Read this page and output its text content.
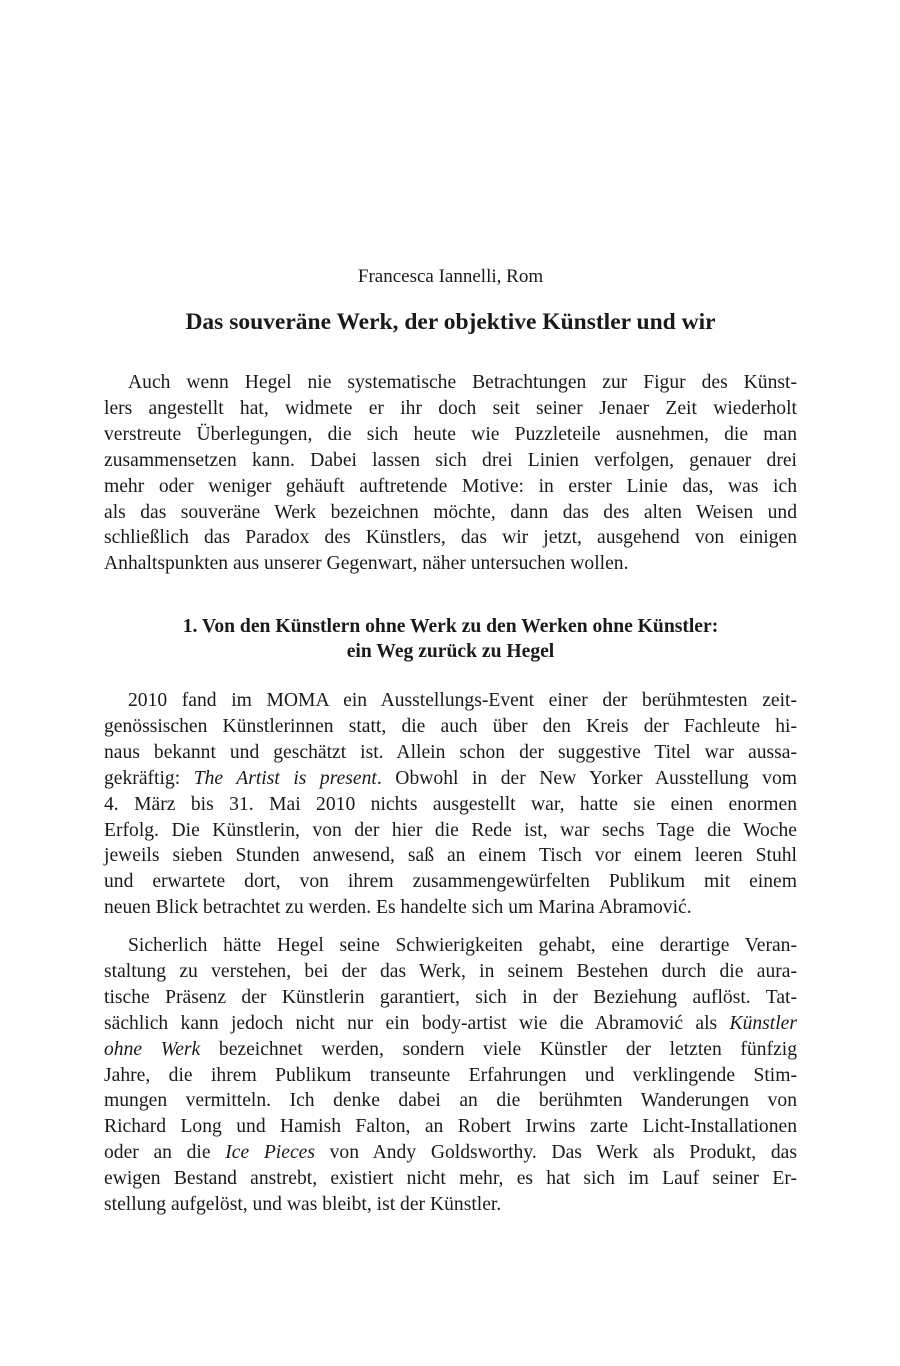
Francesca Iannelli, Rom
Das souveräne Werk, der objektive Künstler und wir

Auch wenn Hegel nie systematische Betrachtungen zur Figur des Künst-
lers angestellt hat, widmete er ihr doch seit seiner Jenaer Zeit wiederholt
verstreute Überlegungen, die sich heute wie Puzzleteile ausnehmen, die man
zusammensetzen kann. Dabei lassen sich drei Linien verfolgen, genauer drei
mehr oder weniger gehäuft auftretende Motive: in erster Linie das, was ich
als das souveräne Werk bezeichnen möchte, dann das des alten Weisen und
schließlich das Paradox des Künstlers, das wir jetzt, ausgehend von einigen
Anhaltspunkten aus unserer Gegenwart, näher untersuchen wollen.

1. Von den Künstlern ohne Werk zu den Werken ohne Künstler:
ein Weg zurück zu Hegel

2010 fand im MOMA ein Ausstellungs-Event einer der berühmtesten zeit-
genössischen Künstlerinnen statt, die auch über den Kreis der Fachleute hi-
naus bekannt und geschätzt ist. Allein schon der suggestive Titel war aussa-
gekräftig: The Artist is present. Obwohl in der New Yorker Ausstellung vom
4. März bis 31. Mai 2010 nichts ausgestellt war, hatte sie einen enormen
Erfolg. Die Künstlerin, von der hier die Rede ist, war sechs Tage die Woche
jeweils sieben Stunden anwesend, saß an einem Tisch vor einem leeren Stuhl
und erwartete dort, von ihrem zusammengewürfelten Publikum mit einem
neuen Blick betrachtet zu werden. Es handelte sich um Marina Abramović.

Sicherlich hätte Hegel seine Schwierigkeiten gehabt, eine derartige Veran-
staltung zu verstehen, bei der das Werk, in seinem Bestehen durch die aura-
tische Präsenz der Künstlerin garantiert, sich in der Beziehung auflöst. Tat-
sächlich kann jedoch nicht nur ein body-artist wie die Abramović als Künstler
ohne Werk bezeichnet werden, sondern viele Künstler der letzten fünfzig
Jahre, die ihrem Publikum transeunte Erfahrungen und verklingende Stim-
mungen vermitteln. Ich denke dabei an die berühmten Wanderungen von
Richard Long und Hamish Falton, an Robert Irwins zarte Licht-Installationen
oder an die Ice Pieces von Andy Goldsworthy. Das Werk als Produkt, das
ewigen Bestand anstrebt, existiert nicht mehr, es hat sich im Lauf seiner Er-
stellung aufgelöst, und was bleibt, ist der Künstler.
